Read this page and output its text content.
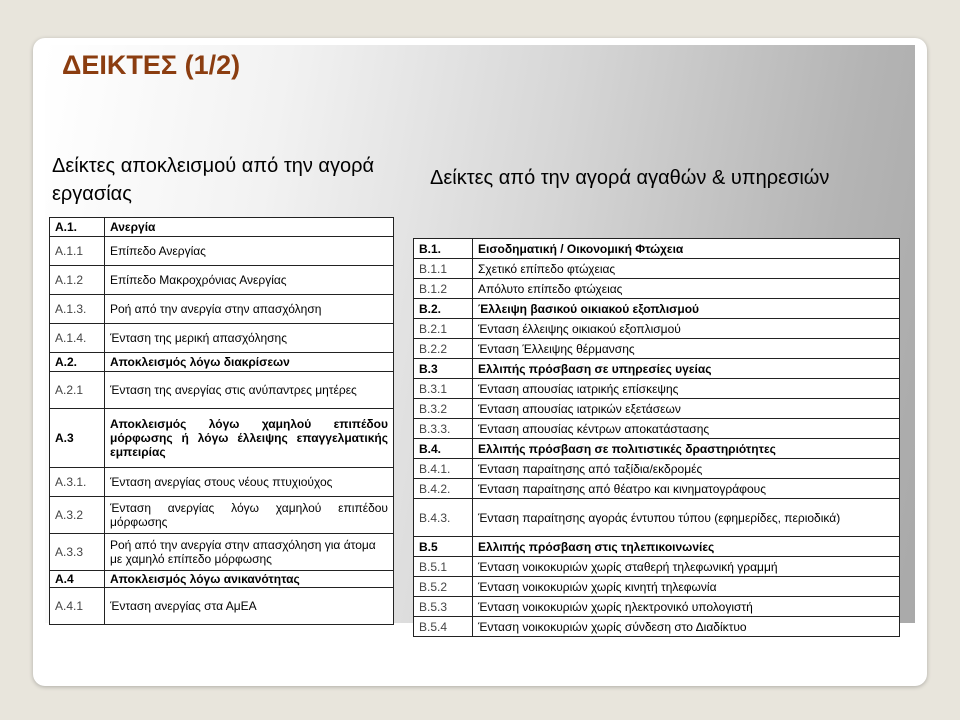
ΔΕΙΚΤΕΣ (1/2)
Δείκτες αποκλεισμού από την αγορά εργασίας
Δείκτες από την αγορά αγαθών & υπηρεσιών
Α.1.	Ανεργία
Α.1.1	Επίπεδο Ανεργίας
Α.1.2	Επίπεδο Μακροχρόνιας Ανεργίας
Α.1.3.	Ροή από την ανεργία στην απασχόληση
Α.1.4.	Ένταση της μερική απασχόλησης
Α.2.	Αποκλεισμός λόγω διακρίσεων
Α.2.1	Ένταση της ανεργίας στις ανύπαντρες μητέρες
Α.3	Αποκλεισμός λόγω χαμηλού επιπέδου μόρφωσης ή λόγω έλλειψης επαγγελματικής εμπειρίας
Α.3.1.	Ένταση ανεργίας στους νέους πτυχιούχος
Α.3.2	Ένταση ανεργίας λόγω χαμηλού επιπέδου μόρφωσης
Α.3.3	Ροή από την ανεργία στην απασχόληση για άτομα με χαμηλό επίπεδο μόρφωσης
Α.4	Αποκλεισμός λόγω ανικανότητας
Α.4.1	Ένταση ανεργίας στα ΑμΕΑ
Β.1.	Εισοδηματική / Οικονομική Φτώχεια
Β.1.1	Σχετικό επίπεδο φτώχειας
Β.1.2	Απόλυτο επίπεδο φτώχειας
Β.2.	Έλλειψη βασικού οικιακού εξοπλισμού
Β.2.1	Ένταση έλλειψης οικιακού εξοπλισμού
Β.2.2	Ένταση Έλλειψης θέρμανσης
Β.3	Ελλιπής πρόσβαση σε υπηρεσίες υγείας
Β.3.1	Ένταση απουσίας ιατρικής επίσκεψης
Β.3.2	Ένταση απουσίας ιατρικών εξετάσεων
Β.3.3.	Ένταση απουσίας κέντρων αποκατάστασης
Β.4.	Ελλιπής πρόσβαση σε πολιτιστικές δραστηριότητες
Β.4.1.	Ένταση παραίτησης από ταξίδια/εκδρομές
Β.4.2.	Ένταση παραίτησης από θέατρο και κινηματογράφους
Β.4.3.	Ένταση παραίτησης αγοράς έντυπου τύπου (εφημερίδες, περιοδικά)
Β.5	Ελλιπής πρόσβαση στις τηλεπικοινωνίες
Β.5.1	Ένταση νοικοκυριών χωρίς σταθερή τηλεφωνική γραμμή
Β.5.2	Ένταση νοικοκυριών χωρίς κινητή τηλεφωνία
Β.5.3	Ένταση νοικοκυριών χωρίς ηλεκτρονικό υπολογιστή
Β.5.4	Ένταση νοικοκυριών χωρίς σύνδεση στο Διαδίκτυο
